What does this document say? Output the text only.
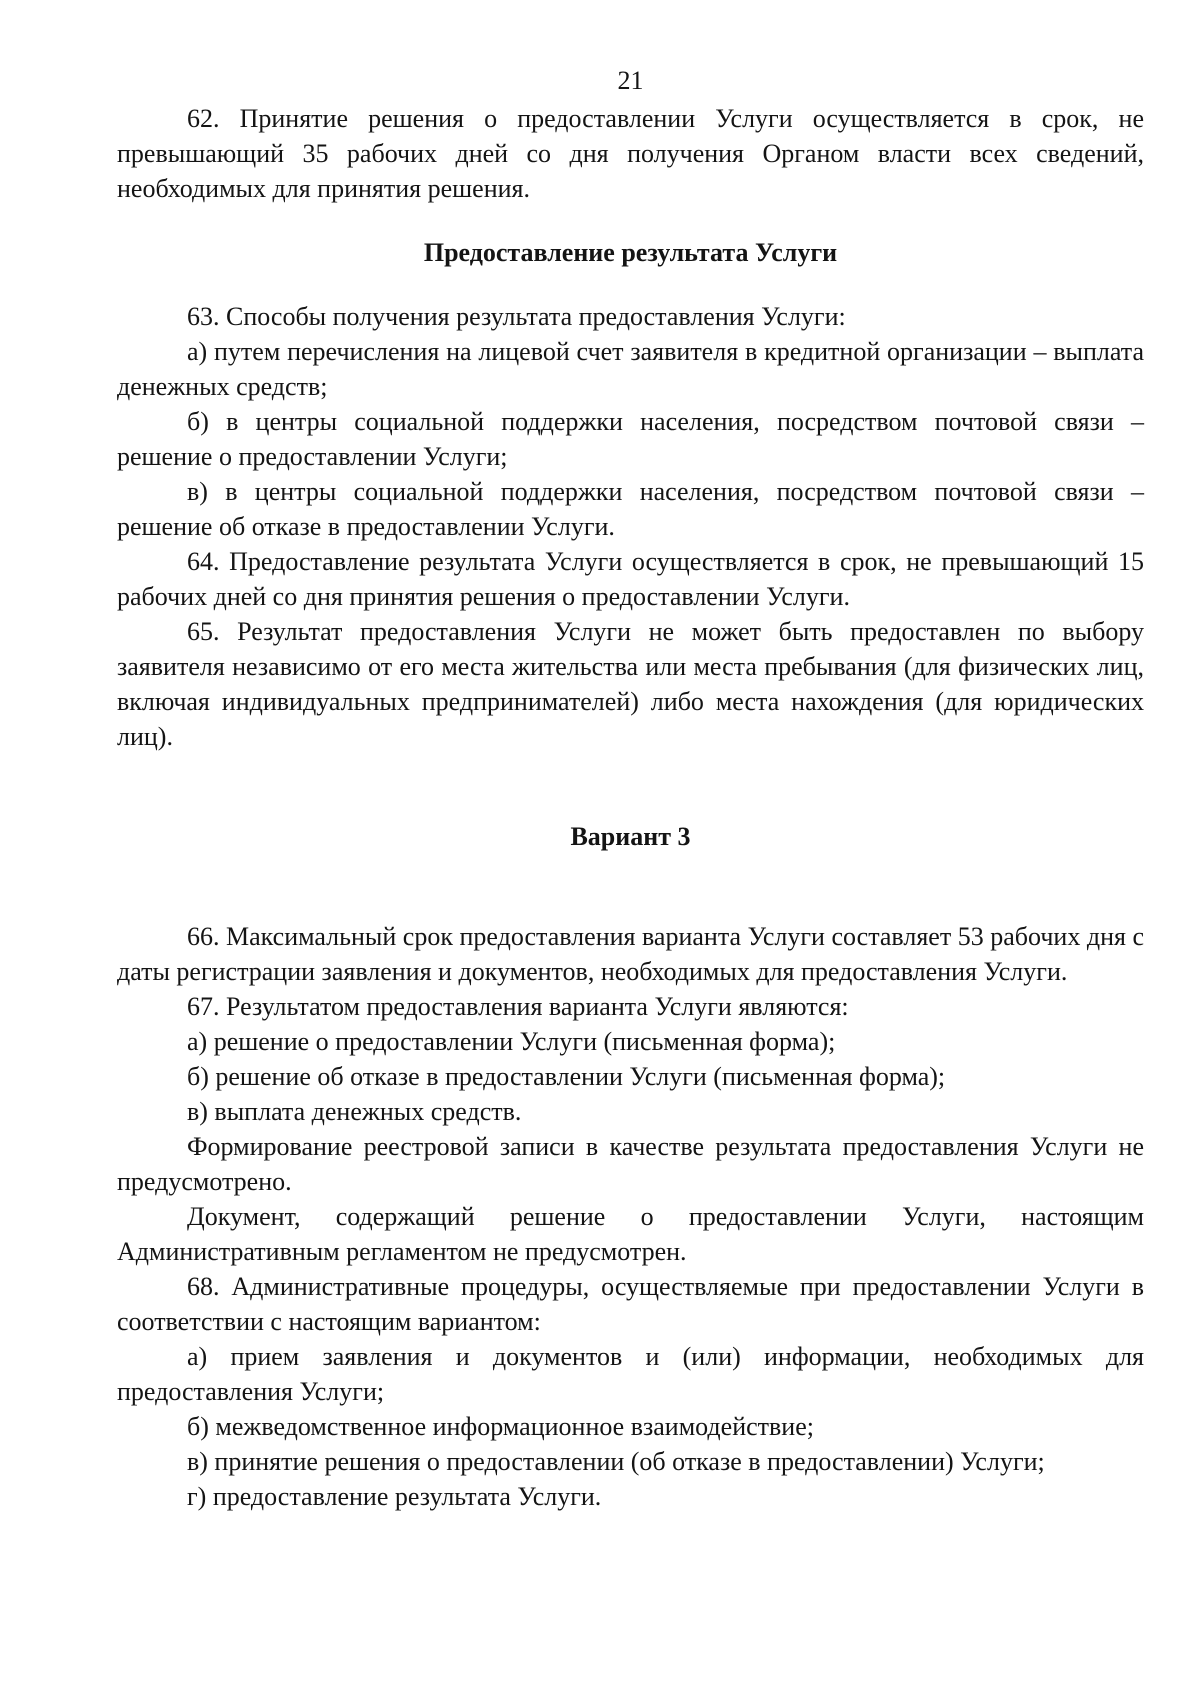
21

62. Принятие решения о предоставлении Услуги осуществляется в срок, не превышающий 35 рабочих дней со дня получения Органом власти всех сведений, необходимых для принятия решения.

Предоставление результата Услуги

63. Способы получения результата предоставления Услуги:

а) путем перечисления на лицевой счет заявителя в кредитной организации – выплата денежных средств;

б) в центры социальной поддержки населения, посредством почтовой связи – решение о предоставлении Услуги;

в) в центры социальной поддержки населения, посредством почтовой связи – решение об отказе в предоставлении Услуги.

64. Предоставление результата Услуги осуществляется в срок, не превышающий 15 рабочих дней со дня принятия решения о предоставлении Услуги.

65. Результат предоставления Услуги не может быть предоставлен по выбору заявителя независимо от его места жительства или места пребывания (для физических лиц, включая индивидуальных предпринимателей) либо места нахождения (для юридических лиц).

Вариант 3

66. Максимальный срок предоставления варианта Услуги составляет 53 рабочих дня с даты регистрации заявления и документов, необходимых для предоставления Услуги.

67. Результатом предоставления варианта Услуги являются:

а) решение о предоставлении Услуги (письменная форма);

б) решение об отказе в предоставлении Услуги (письменная форма);

в) выплата денежных средств.

Формирование реестровой записи в качестве результата предоставления Услуги не предусмотрено.

Документ, содержащий решение о предоставлении Услуги, настоящим Административным регламентом не предусмотрен.

68. Административные процедуры, осуществляемые при предоставлении Услуги в соответствии с настоящим вариантом:

а) прием заявления и документов и (или) информации, необходимых для предоставления Услуги;

б) межведомственное информационное взаимодействие;

в) принятие решения о предоставлении (об отказе в предоставлении) Услуги;

г) предоставление результата Услуги.
